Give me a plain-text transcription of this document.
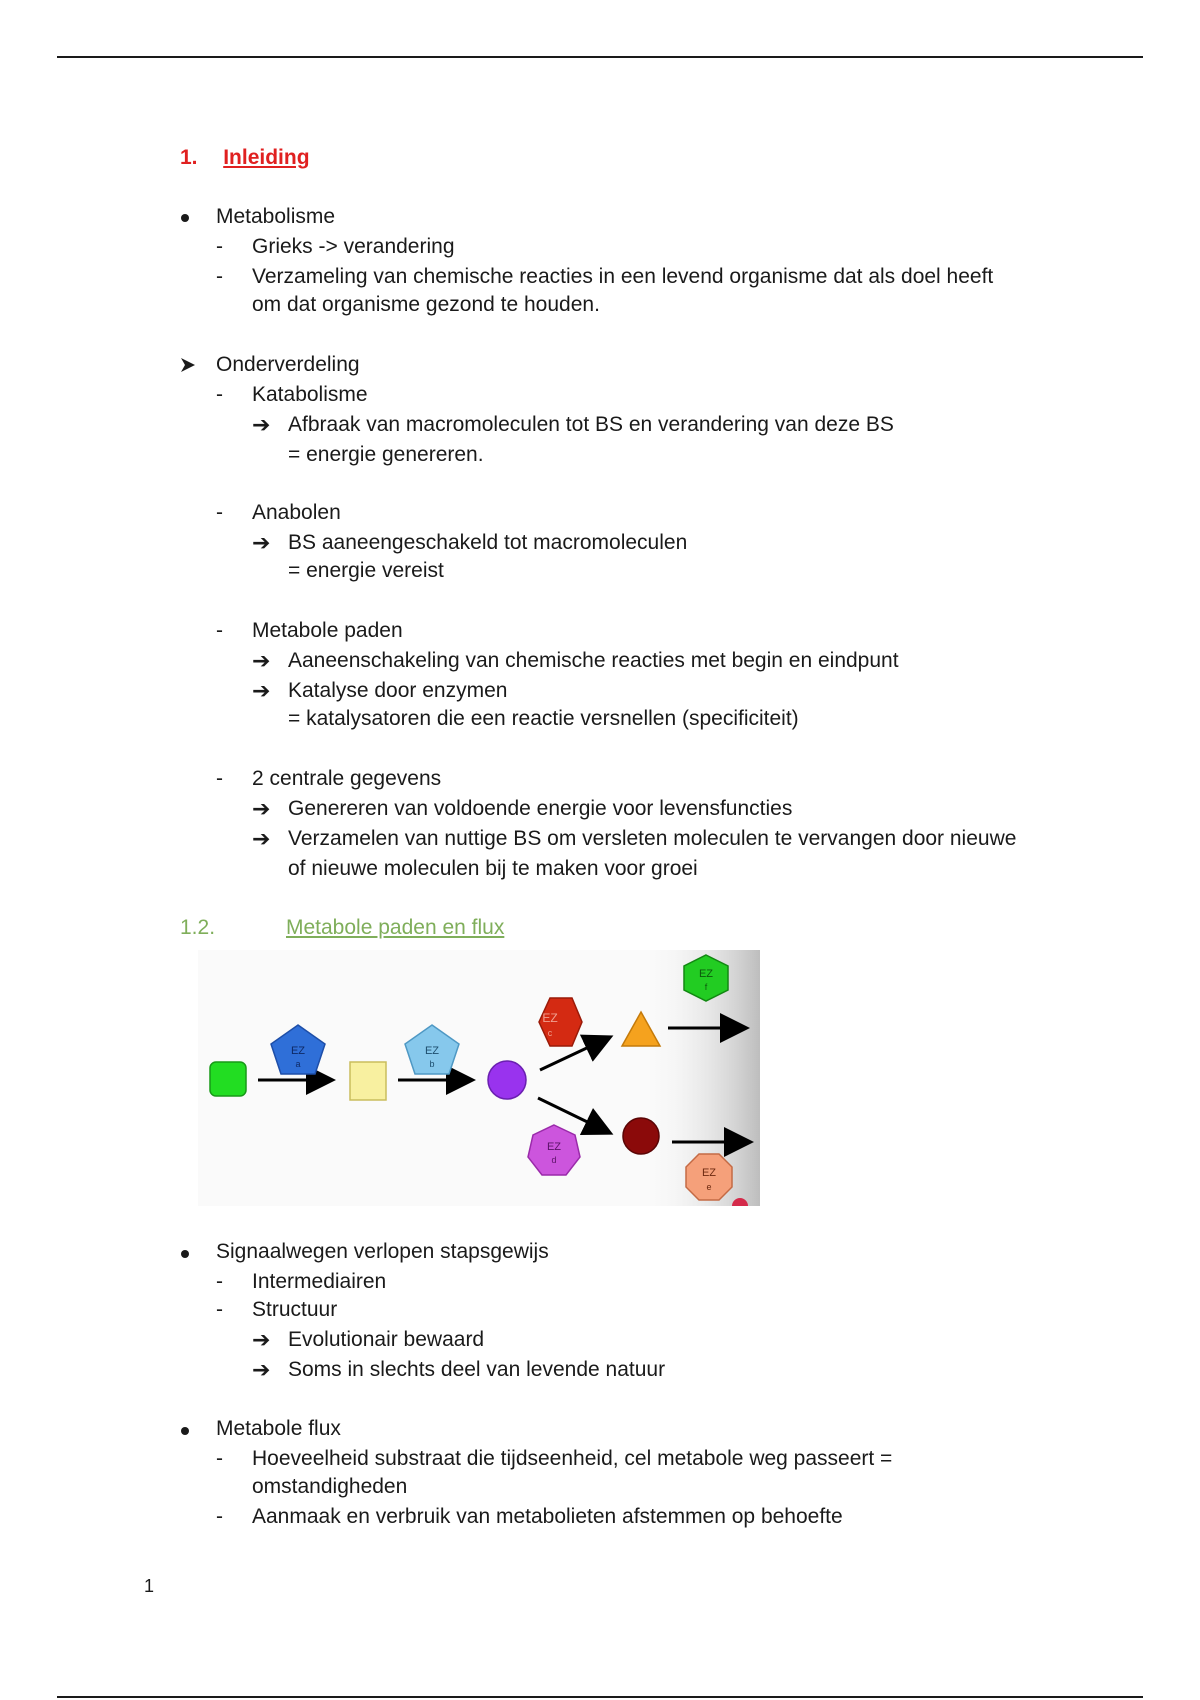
1. Inleiding
Metabolisme
- Grieks -> verandering
- Verzameling van chemische reacties in een levend organisme dat als doel heeft
om dat organisme gezond te houden.
Onderverdeling
- Katabolisme
➔ Afbraak van macromoleculen tot BS en verandering van deze BS
= energie genereren.
- Anabolen
➔ BS aaneengeschakeld tot macromoleculen
= energie vereist
- Metabole paden
➔ Aaneenschakeling van chemische reacties met begin en eindpunt
➔ Katalyse door enzymen
= katalysatoren die een reactie versnellen (specificiteit)
- 2 centrale gegevens
➔ Genereren van voldoende energie voor levensfuncties
➔ Verzamelen van nuttige BS om versleten moleculen te vervangen door nieuwe
of nieuwe moleculen bij te maken voor groei
1.2.	Metabole paden en flux
EZ
a
EZ
b
EZ
c
EZ
d
EZ
f
EZ
e
Signaalwegen verlopen stapsgewijs
- Intermediairen
- Structuur
➔ Evolutionair bewaard
➔ Soms in slechts deel van levende natuur
Metabole flux
- Hoeveelheid substraat die tijdseenheid, cel metabole weg passeert =
omstandigheden
- Aanmaak en verbruik van metabolieten afstemmen op behoefte
1
